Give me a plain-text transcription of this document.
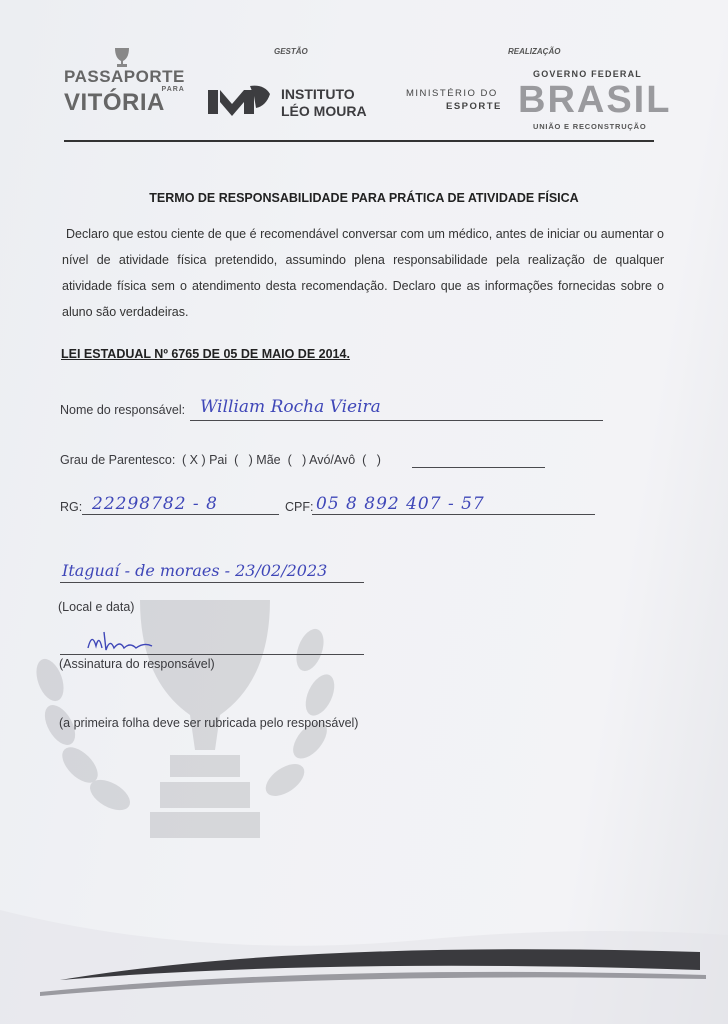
PASSAPORTE
PARA
VITÓRIA
GESTÃO	REALIZAÇÃO
INSTITUTO
LÉO MOURA
MINISTÉRIO DO
ESPORTE
GOVERNO FEDERAL
BRASIL
UNIÃO E RECONSTRUÇÃO
TERMO DE RESPONSABILIDADE PARA PRÁTICA DE ATIVIDADE FÍSICA
Declaro que estou ciente de que é recomendável conversar com um médico, antes de iniciar ou aumentar o nível de atividade física pretendido, assumindo plena responsabilidade pela realização de qualquer atividade física sem o atendimento desta recomendação. Declaro que as informações fornecidas sobre o aluno são verdadeiras.
LEI ESTADUAL Nº 6765 DE 05 DE MAIO DE 2014.
Nome do responsável: William Rocha Vieira
Grau de Parentesco: ( X ) Pai  (   ) Mãe  (   ) Avó/Avô  (   )
RG: 22298782 - 8	CPF: 05 8 892 407 - 57
Itaguaí - de moraes - 23/02/2023
(Local e data)
(Assinatura do responsável)
(a primeira folha deve ser rubricada pelo responsável)
